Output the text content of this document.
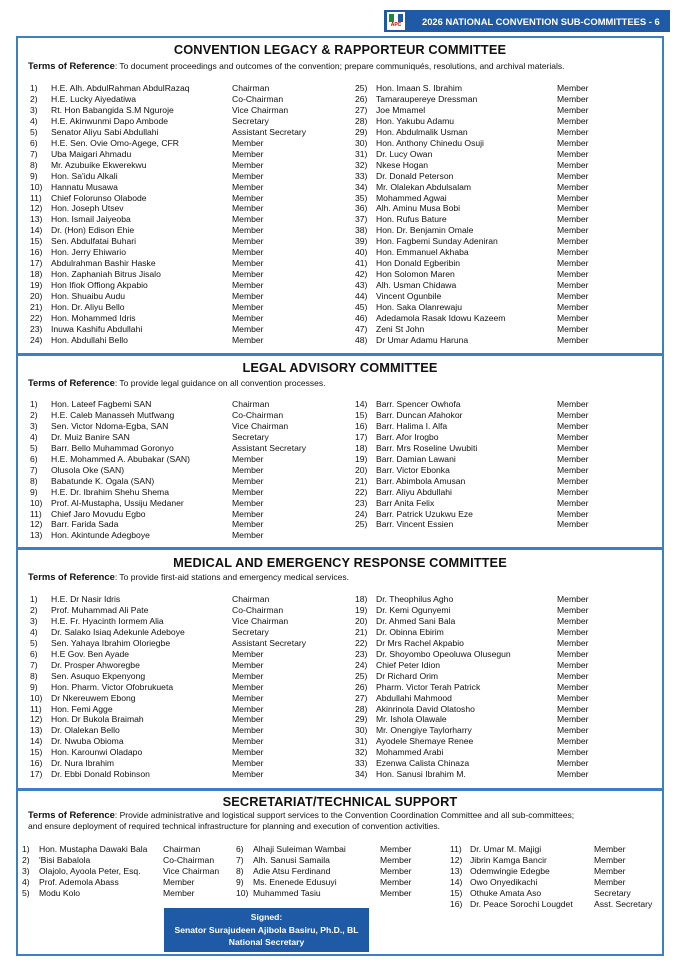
APC 2026 NATIONAL CONVENTION SUB-COMMITTEES - 6
CONVENTION LEGACY & RAPPORTEUR COMMITTEE
Terms of Reference: To document proceedings and outcomes of the convention; prepare communiqués, resolutions, and archival materials.
1) H.E. Alh. AbdulRahman AbdulRazaq	Chairman
2) H.E. Lucky Aiyedatiwa	Co-Chairman
3) Rt. Hon Babangida S.M Nguroje	Vice Chairman
4) H.E. Akinwunmi Dapo Ambode	Secretary
5) Senator Aliyu Sabi Abdullahi	Assistant Secretary
6) H.E. Sen. Ovie Omo-Agege, CFR	Member
7) Uba Maigari Ahmadu	Member
8) Mr. Azubuike Ekwerekwu	Member
9) Hon. Sa'idu Alkali	Member
10) Hannatu Musawa	Member
11) Chief Folorunso Olabode	Member
12) Hon. Joseph Utsev	Member
13) Hon. Ismail Jaiyeoba	Member
14) Dr. (Hon) Edison Ehie	Member
15) Sen. Abdulfatai Buhari	Member
16) Hon. Jerry Ehiwario	Member
17) Abdulrahman Bashir Haske	Member
18) Hon. Zaphaniah Bitrus Jisalo	Member
19) Hon Ifiok Offiong Akpabio	Member
20) Hon. Shuaibu Audu	Member
21) Hon. Dr. Aliyu Bello	Member
22) Hon. Mohammed Idris	Member
23) Inuwa Kashifu Abdullahi	Member
24) Hon. Abdullahi Bello	Member
25) Hon. Imaan S. Ibrahim	Member
26) Tamaraupereye Dressman	Member
27) Joe Mmamel	Member
28) Hon. Yakubu Adamu	Member
29) Hon. Abdulmalik Usman	Member
30) Hon. Anthony Chinedu Osuji	Member
31) Dr. Lucy Owan	Member
32) Nkese Hogan	Member
33) Dr. Donald Peterson	Member
34) Mr. Olalekan Abdulsalam	Member
35) Mohammed Agwai	Member
36) Alh. Aminu Musa Bobi	Member
37) Hon. Rufus Bature	Member
38) Hon. Dr. Benjamin Omale	Member
39) Hon. Fagbemi Sunday Adeniran	Member
40) Hon. Emmanuel Akhaba	Member
41) Hon Donald Egberibin	Member
42) Hon Solomon Maren	Member
43) Alh. Usman Chidawa	Member
44) Vincent Ogunbile	Member
45) Hon. Saka Olanrewaju	Member
46) Adedamola Rasak Idowu Kazeem	Member
47) Zeni St John	Member
48) Dr Umar Adamu Haruna	Member
LEGAL ADVISORY COMMITTEE
Terms of Reference: To provide legal guidance on all convention processes.
1) Hon. Lateef Fagbemi SAN	Chairman
2) H.E. Caleb Manasseh Mutfwang	Co-Chairman
3) Sen. Victor Ndoma-Egba, SAN	Vice Chairman
4) Dr. Muiz Banire SAN	Secretary
5) Barr. Bello Muhammad Goronyo	Assistant Secretary
6) H.E. Mohammed A. Abubakar (SAN)	Member
7) Olusola Oke (SAN)	Member
8) Babatunde K. Ogala (SAN)	Member
9) H.E. Dr. Ibrahim Shehu Shema	Member
10) Prof. Al-Mustapha, Ussiju Medaner	Member
11) Chief Jaro Movudu Egbo	Member
12) Barr. Farida Sada	Member
13) Hon. Akintunde Adegboye	Member
14) Barr. Spencer Owhofa	Member
15) Barr. Duncan Afahokor	Member
16) Barr. Halima I. Alfa	Member
17) Barr. Afor Irogbo	Member
18) Barr. Mrs Roseline Uwubiti	Member
19) Barr. Damian Lawani	Member
20) Barr. Victor Ebonka	Member
21) Barr. Abimbola Amusan	Member
22) Barr. Aliyu Abdullahi	Member
23) Barr Anita Felix	Member
24) Barr. Patrick Uzukwu Eze	Member
25) Barr. Vincent Essien	Member
MEDICAL AND EMERGENCY RESPONSE COMMITTEE
Terms of Reference: To provide first-aid stations and emergency medical services.
1) H.E. Dr Nasir Idris	Chairman
2) Prof. Muhammad Ali Pate	Co-Chairman
3) H.E. Fr. Hyacinth Iormem Alia	Vice Chairman
4) Dr. Salako Isiaq Adekunle Adeboye	Secretary
5) Sen. Yahaya Ibrahim Oloriegbe	Assistant Secretary
6) H.E Gov. Ben Ayade	Member
7) Dr. Prosper Ahworegbe	Member
8) Sen. Asuquo Ekpenyong	Member
9) Hon. Pharm. Victor Ofobrukueta	Member
10) Dr Nkereuwem Ebong	Member
11) Hon. Femi Agge	Member
12) Hon. Dr Bukola Braimah	Member
13) Dr. Olalekan Bello	Member
14) Dr. Nwuba Obioma	Member
15) Hon. Karounwi Oladapo	Member
16) Dr. Nura Ibrahim	Member
17) Dr. Ebbi Donald Robinson	Member
18) Dr. Theophilus Agho	Member
19) Dr. Kemi Ogunyemi	Member
20) Dr. Ahmed Sani Bala	Member
21) Dr. Obinna Ebirim	Member
22) Dr Mrs Rachel Akpabio	Member
23) Dr. Shoyombo Opeoluwa Olusegun	Member
24) Chief Peter Idion	Member
25) Dr Richard Orim	Member
26) Pharm. Victor Terah Patrick	Member
27) Abdullahi Mahmood	Member
28) Akinrinola David Olatosho	Member
29) Mr. Ishola Olawale	Member
30) Mr. Onengiye Taylorharry	Member
31) Ayodele Shemaye Renee	Member
32) Mohammed Arabi	Member
33) Ezenwa Calista Chinaza	Member
34) Hon. Sanusi Ibrahim M.	Member
SECRETARIAT/TECHNICAL SUPPORT
Terms of Reference: Provide administrative and logistical support services to the Convention Coordination Committee and all sub-committees;
and ensure deployment of required technical infrastructure for planning and execution of convention activities.
1) Hon. Mustapha Dawaki Bala Chairman
2) 'Bisi Babalola	Co-Chairman
3) Olajolo, Ayoola Peter, Esq.	Vice Chairman
4) Prof. Ademola Abass	Member
5) Modu Kolo	Member
6) Alhaji Suleiman Wambai	Member
7) Alh. Sanusi Samaila	Member
8) Adie Atsu Ferdinand	Member
9) Ms. Enenede Edusuyi	Member
10) Muhammed Tasiu	Member
11) Dr. Umar M. Majigi	Member
12) Jibrin Kamga Bancir	Member
13) Odemwingie Edegbe	Member
14) Owo Onyedikachi	Member
15) Othuke Amata Aso	Secretary
16) Dr. Peace Sorochi Lougdet Asst. Secretary
Signed:
Senator Surajudeen Ajibola Basiru, Ph.D., BL
National Secretary
